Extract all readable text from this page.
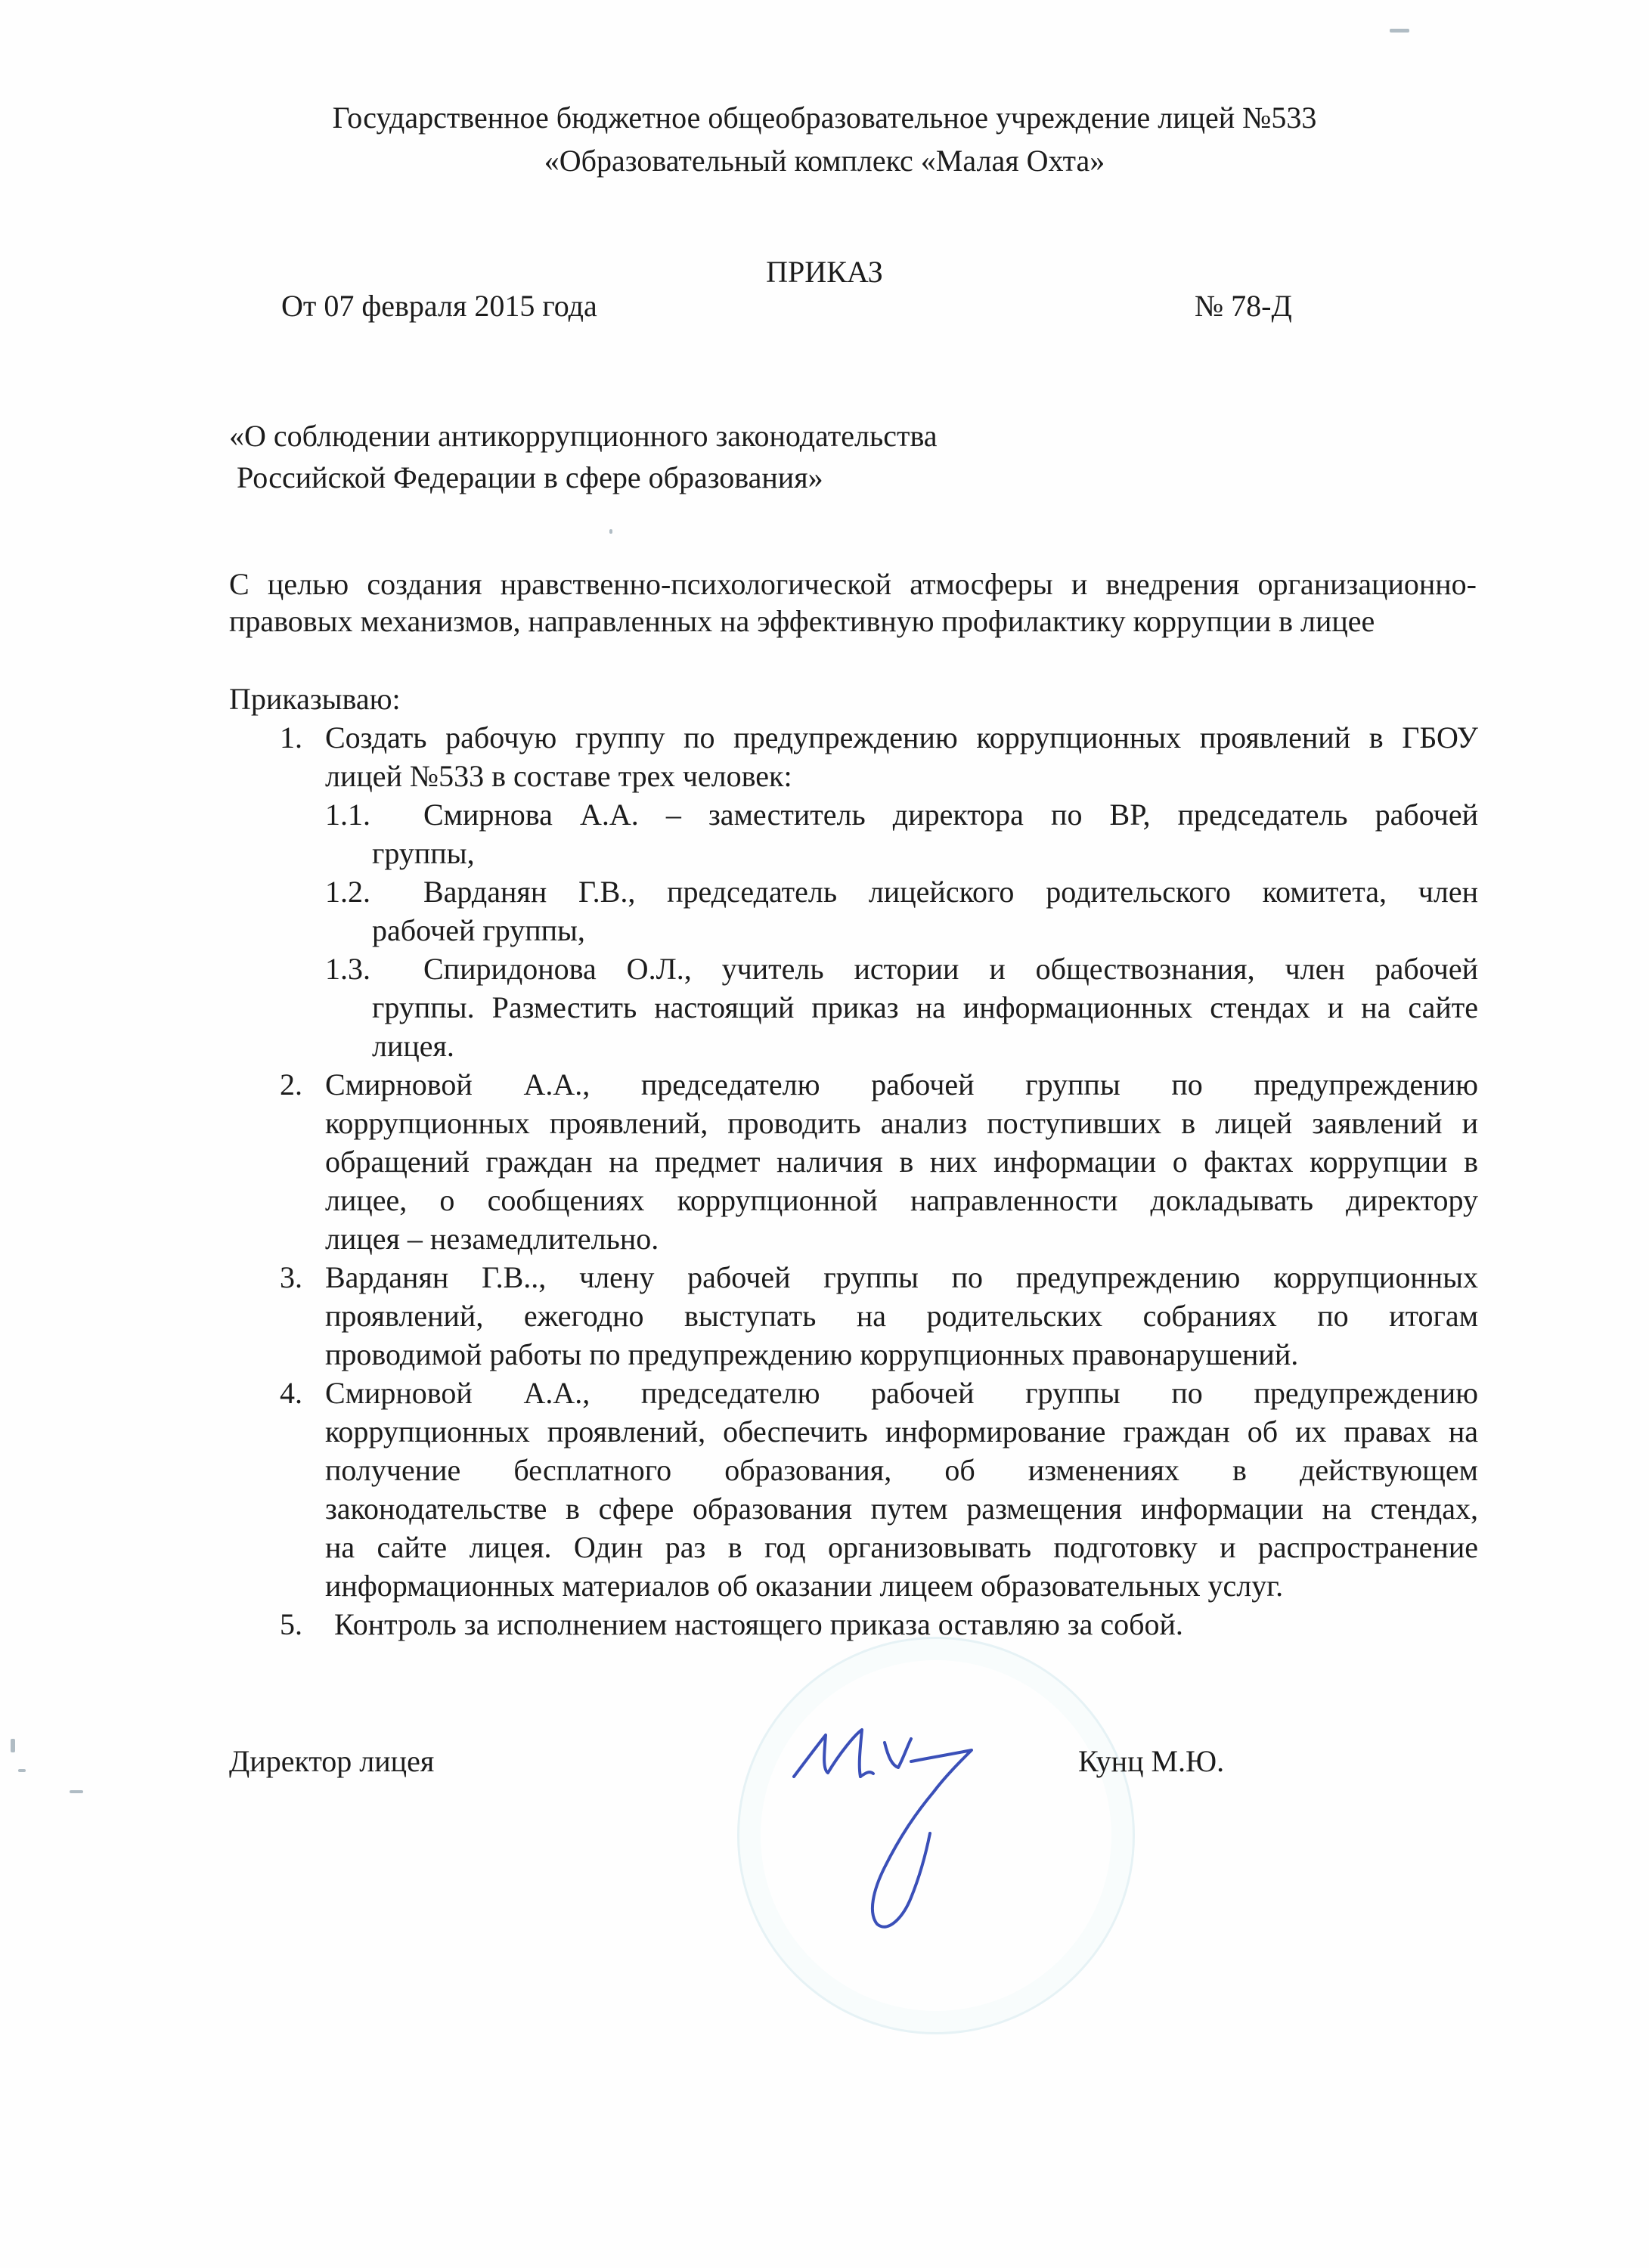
Государственное бюджетное общеобразовательное учреждение лицей №533
«Образовательный комплекс «Малая Охта»
ПРИКАЗ
От 07 февраля 2015 года	№ 78-Д
«О соблюдении антикоррупционного законодательства
Российской Федерации в сфере образования»
С целью создания нравственно-психологической атмосферы и внедрения организационно-
правовых механизмов, направленных на эффективную профилактику коррупции в лицее
Приказываю:
1. Создать рабочую группу по предупреждению коррупционных проявлений в ГБОУ
лицей №533 в составе трех человек:
1.1. Смирнова А.А. – заместитель директора по ВР, председатель рабочей
группы,
1.2. Варданян Г.В., председатель лицейского родительского комитета, член
рабочей группы,
1.3. Спиридонова О.Л., учитель истории и обществознания, член рабочей
группы. Разместить настоящий приказ на информационных стендах и на сайте
лицея.
2. Смирновой А.А., председателю рабочей группы по предупреждению
коррупционных проявлений, проводить анализ поступивших в лицей заявлений и
обращений граждан на предмет наличия в них информации о фактах коррупции в
лицее, о сообщениях коррупционной направленности докладывать директору
лицея – незамедлительно.
3. Варданян Г.В.., члену рабочей группы по предупреждению коррупционных
проявлений, ежегодно выступать на родительских собраниях по итогам
проводимой работы по предупреждению коррупционных правонарушений.
4. Смирновой А.А., председателю рабочей группы по предупреждению
коррупционных проявлений, обеспечить информирование граждан об их правах на
получение бесплатного образования, об изменениях в действующем
законодательстве в сфере образования путем размещения информации на стендах,
на сайте лицея. Один раз в год организовывать подготовку и распространение
информационных материалов об оказании лицеем образовательных услуг.
5. Контроль за исполнением настоящего приказа оставляю за собой.
Директор лицея	Кунц М.Ю.
